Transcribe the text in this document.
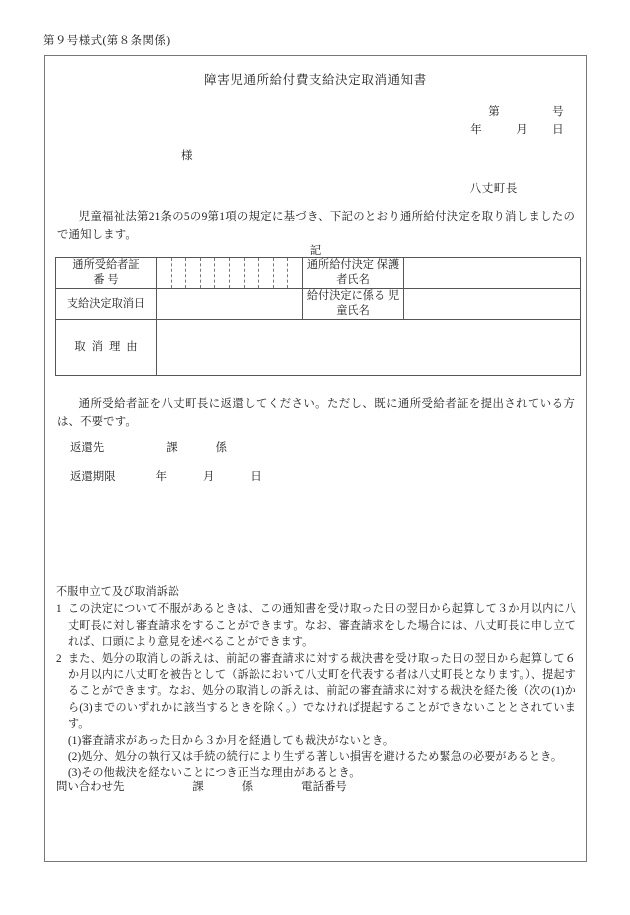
第９号様式(第８条関係)
障害児通所給付費支給決定取消通知書
第	号
年	月 日
様
八丈町長
児童福祉法第21条の5の9第1項の規定に基づき、下記のとおり通所給付決定を取り消しましたので通知します。
記
通所受給者証
番 号		通所給付決定 保護者氏名	
支給決定取消日		給付決定に係る 児童氏名	
取消理由			
通所受給者証を八丈町長に返還してください。ただし、既に通所受給者証を提出されている方は、不要です。
返還先	課	係
返還期限	年	月	日

不服申立て及び取消訴訟

1 この決定について不服があるときは、この通知書を受け取った日の翌日から起算して３か月以内に八丈町長に対し審査請求をすることができます。なお、審査請求をした場合には、八丈町長に申し立てれば、口頭により意見を述べることができます。
2 また、処分の取消しの訴えは、前記の審査請求に対する裁決書を受け取った日の翌日から起算して６か月以内に八丈町を被告として（訴訟において八丈町を代表する者は八丈町長となります。）、提起することができます。なお、処分の取消しの訴えは、前記の審査請求に対する裁決を経た後（次の(1)から(3)までのいずれかに該当するときを除く。）でなければ提起することができないこととされています。

(1)審査請求があった日から３か月を経過しても裁決がないとき。

(2)処分、処分の執行又は手続の続行により生ずる著しい損害を避けるため緊急の必要があるとき。

(3)その他裁決を経ないことにつき正当な理由があるとき。

問い合わせ先	課	係	電話番号
